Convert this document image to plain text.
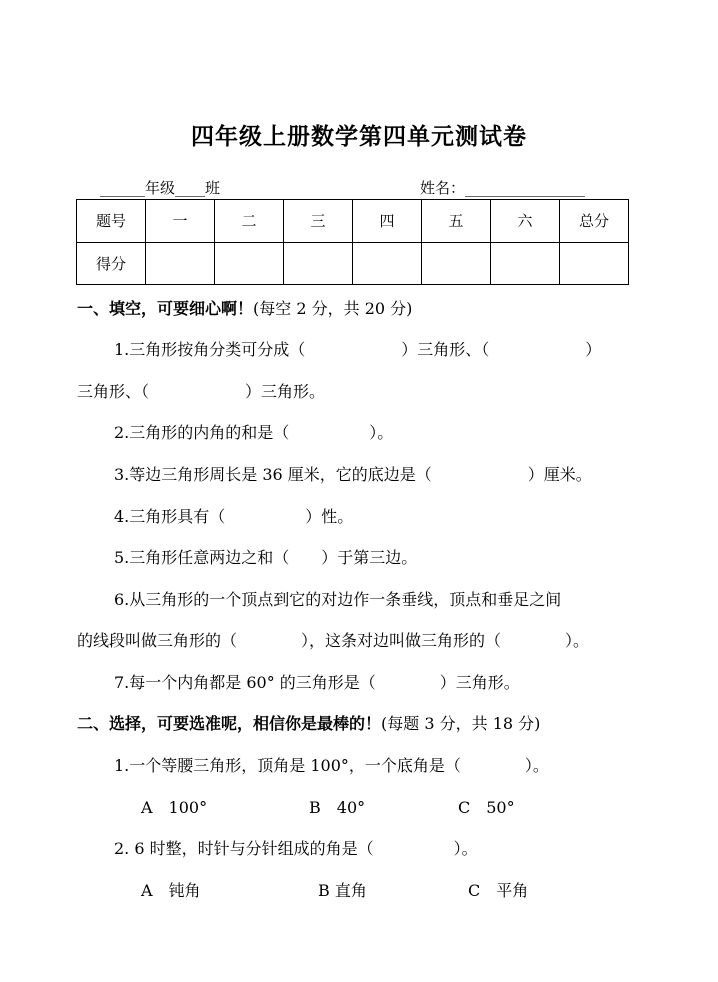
四年级上册数学第四单元测试卷
______年级____班	姓名：________________
题号	一	二	三	四	五	六	总分
得分							
一、填空，可要细心啊！(每空 2 分，共 20 分)
1.三角形按角分类可分成（　　　　　　）三角形、（　　　　　　）
三角形、（　　　　　　）三角形。
2.三角形的内角的和是（　　　　　）。
3.等边三角形周长是 36 厘米，它的底边是（　　　　　　）厘米。
4.三角形具有（　　　　　）性。
5.三角形任意两边之和（　　）于第三边。
6.从三角形的一个顶点到它的对边作一条垂线，顶点和垂足之间
的线段叫做三角形的（　　　　），这条对边叫做三角形的（　　　　）。
7.每一个内角都是 60° 的三角形是（　　　　）三角形。
二、选择，可要选准呢，相信你是最棒的！(每题 3 分，共 18 分)
1.一个等腰三角形，顶角是 100°，一个底角是（　　　　）。
A　100°	B　40°	C　50°
2. 6 时整，时针与分针组成的角是（　　　　　）。
A　钝角	B 直角	C　平角
